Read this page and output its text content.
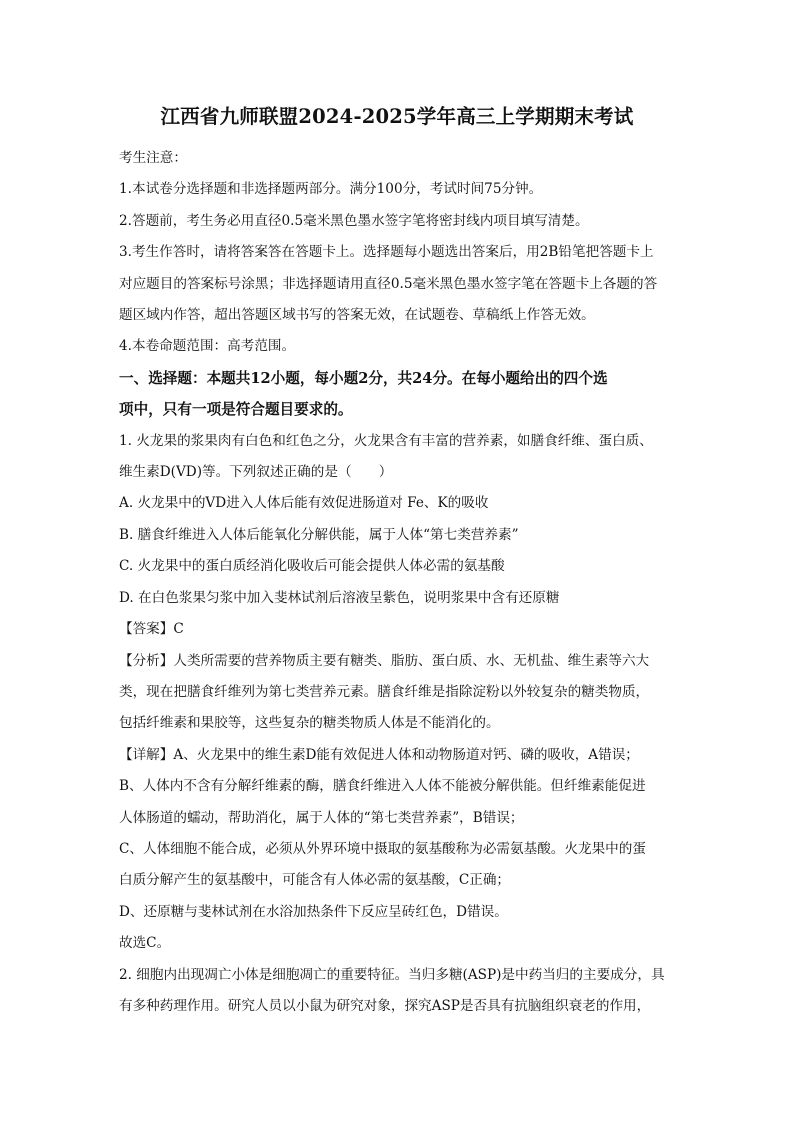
江西省九师联盟2024-2025学年高三上学期期末考试

考生注意：

1.本试卷分选择题和非选择题两部分。满分100分，考试时间75分钟。

2.答题前，考生务必用直径0.5毫米黑色墨水签字笔将密封线内项目填写清楚。

3.考生作答时，请将答案答在答题卡上。选择题每小题选出答案后，用2B铅笔把答题卡上

对应题目的答案标号涂黑；非选择题请用直径0.5毫米黑色墨水签字笔在答题卡上各题的答

题区域内作答，超出答题区域书写的答案无效，在试题卷、草稿纸上作答无效。

4.本卷命题范围：高考范围。

一、选择题：本题共12小题，每小题2分，共24分。在每小题给出的四个选

项中，只有一项是符合题目要求的。

1. 火龙果的浆果肉有白色和红色之分，火龙果含有丰富的营养素，如膳食纤维、蛋白质、

维生素D(VD)等。下列叙述正确的是（　　）

A. 火龙果中的VD进入人体后能有效促进肠道对 Fe、K的吸收

B. 膳食纤维进入人体后能氧化分解供能，属于人体“第七类营养素”

C. 火龙果中的蛋白质经消化吸收后可能会提供人体必需的氨基酸

D. 在白色浆果匀浆中加入斐林试剂后溶液呈紫色，说明浆果中含有还原糖

【答案】C

【分析】人类所需要的营养物质主要有糖类、脂肪、蛋白质、水、无机盐、维生素等六大

类，现在把膳食纤维列为第七类营养元素。膳食纤维是指除淀粉以外较复杂的糖类物质，

包括纤维素和果胶等，这些复杂的糖类物质人体是不能消化的。

【详解】A、火龙果中的维生素D能有效促进人体和动物肠道对钙、磷的吸收，A错误；

B、人体内不含有分解纤维素的酶，膳食纤维进入人体不能被分解供能。但纤维素能促进

人体肠道的蠕动，帮助消化，属于人体的“第七类营养素”，B错误；

C、人体细胞不能合成，必须从外界环境中摄取的氨基酸称为必需氨基酸。火龙果中的蛋

白质分解产生的氨基酸中，可能含有人体必需的氨基酸，C正确；

D、还原糖与斐林试剂在水浴加热条件下反应呈砖红色，D错误。

故选C。

2. 细胞内出现凋亡小体是细胞凋亡的重要特征。当归多糖(ASP)是中药当归的主要成分，具

有多种药理作用。研究人员以小鼠为研究对象，探究ASP是否具有抗脑组织衰老的作用，
